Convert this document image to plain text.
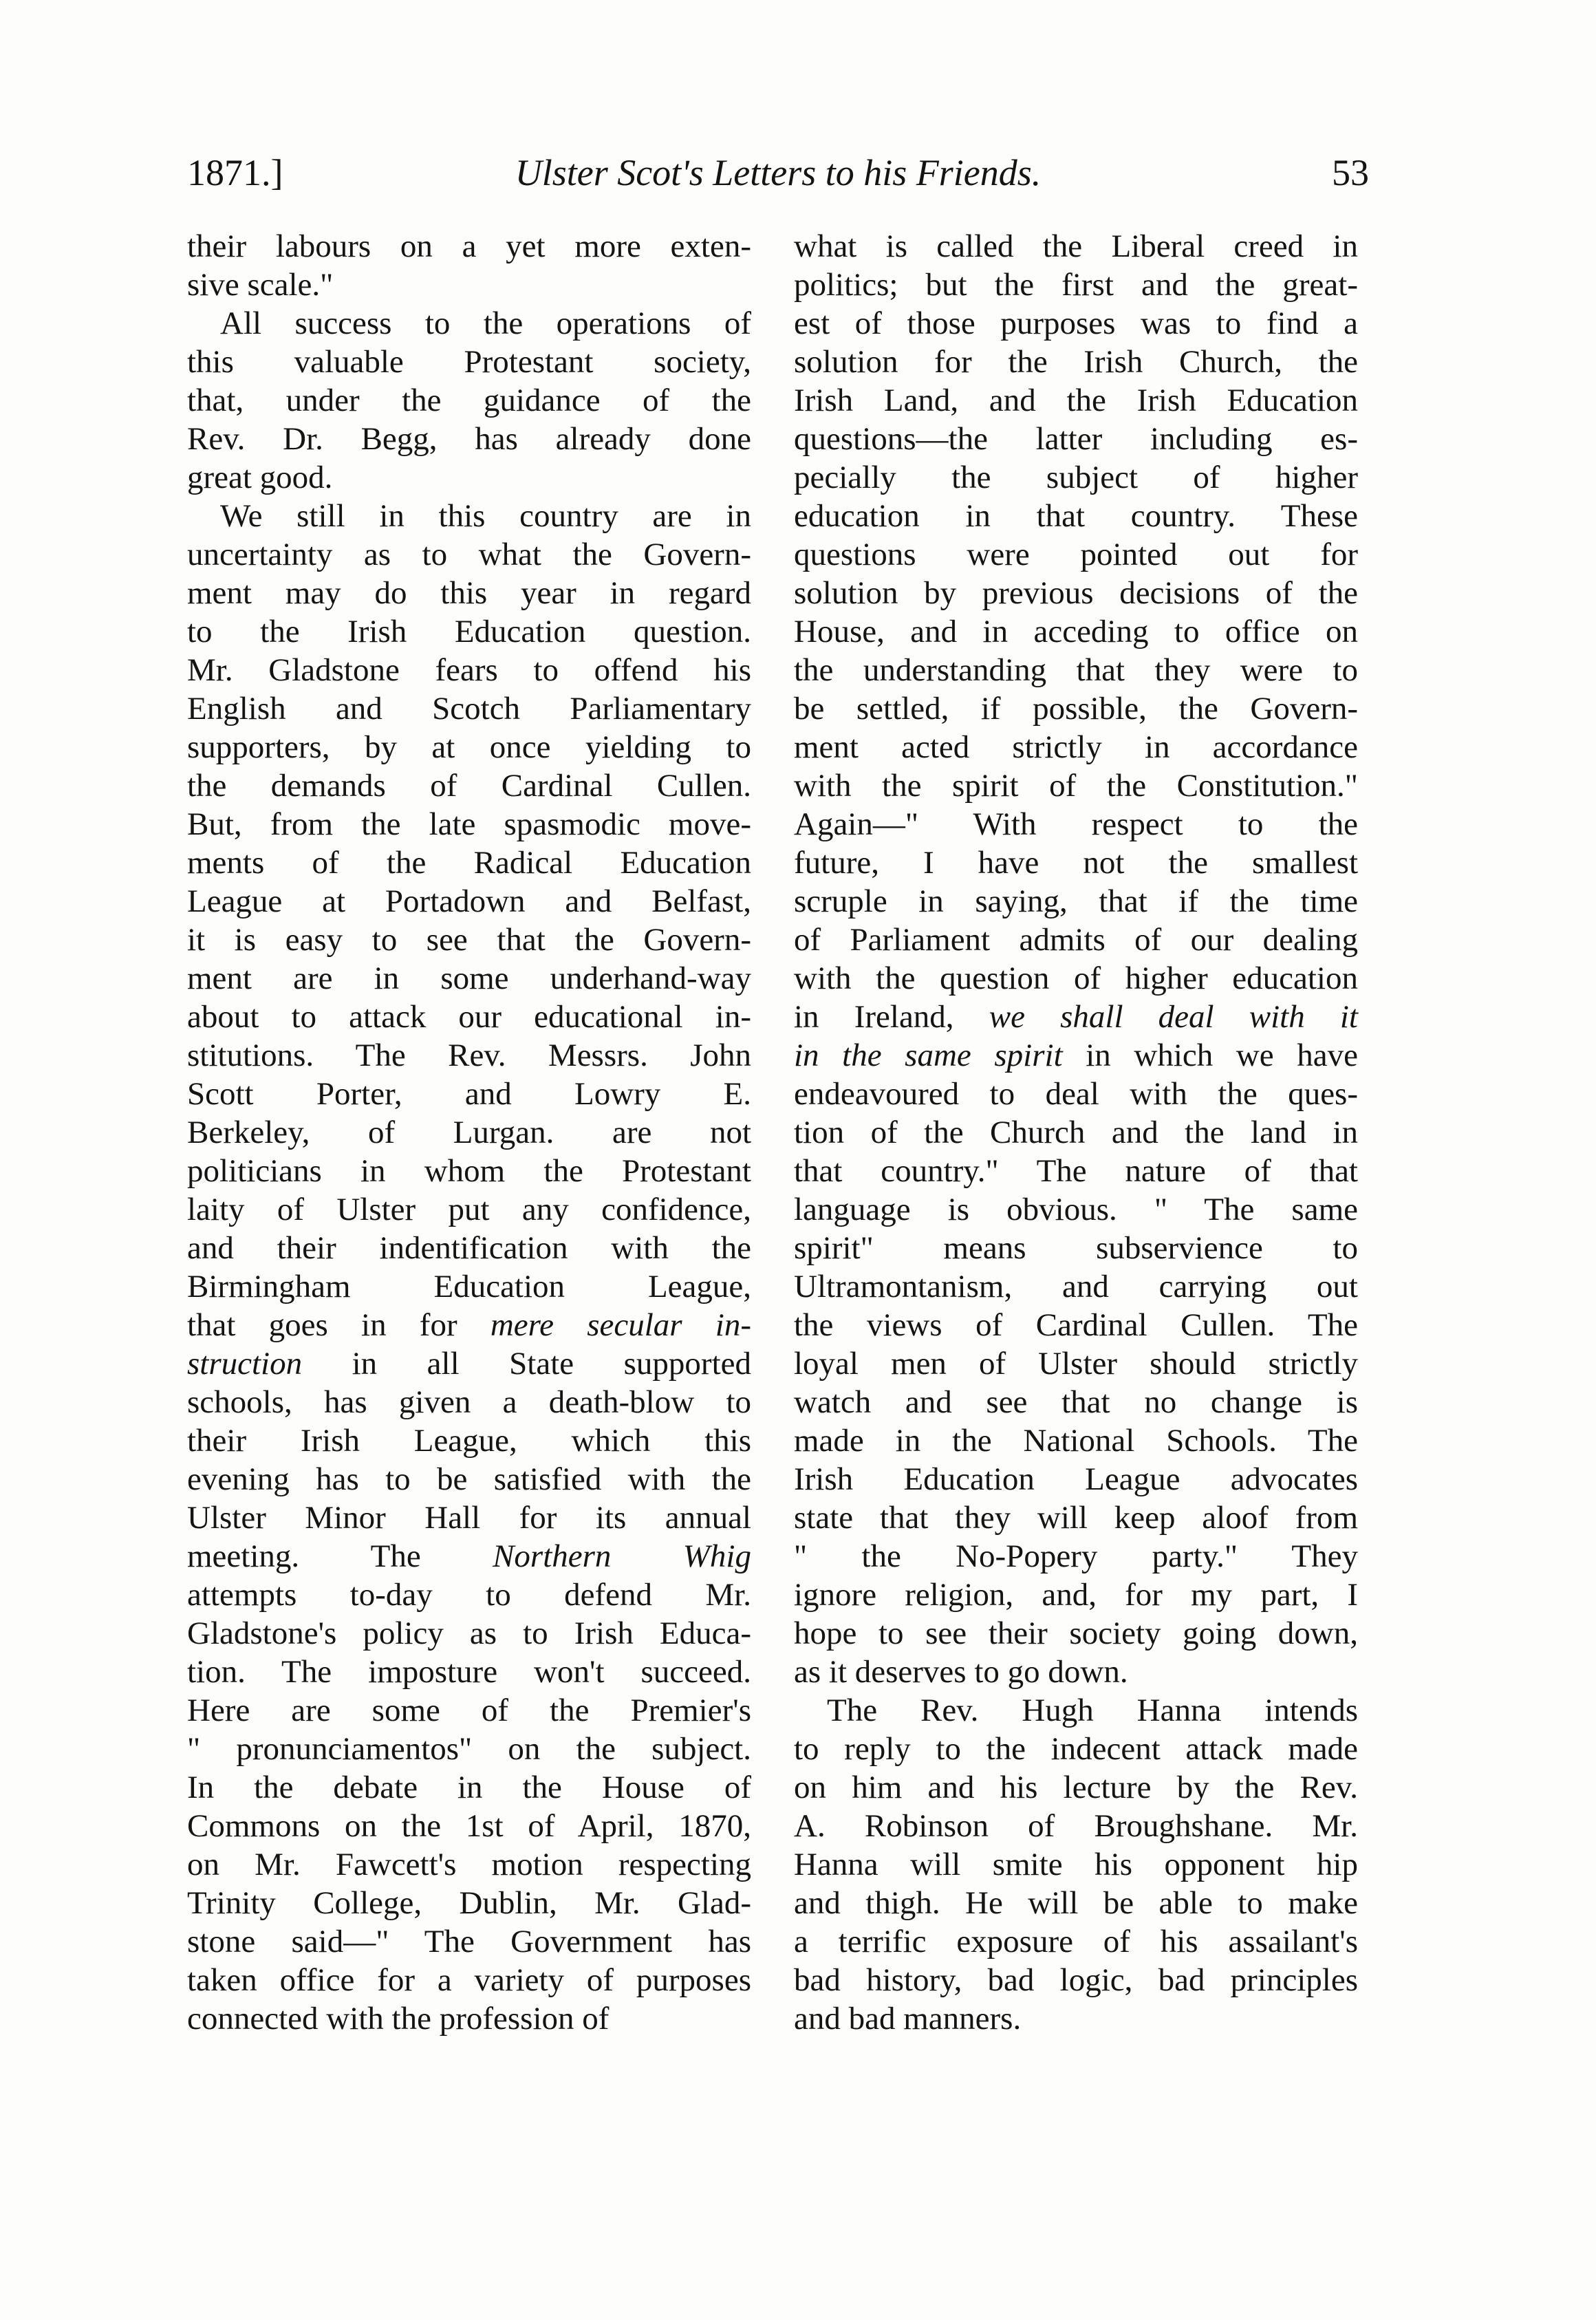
1871.]	Ulster Scot's Letters to his Friends.	53
their labours on a yet more exten-
sive scale."
All success to the operations of
this valuable Protestant society,
that, under the guidance of the
Rev. Dr. Begg, has already done
great good.
We still in this country are in
uncertainty as to what the Govern-
ment may do this year in regard
to the Irish Education question.
Mr. Gladstone fears to offend his
English and Scotch Parliamentary
supporters, by at once yielding to
the demands of Cardinal Cullen.
But, from the late spasmodic move-
ments of the Radical Education
League at Portadown and Belfast,
it is easy to see that the Govern-
ment are in some underhand-way
about to attack our educational in-
stitutions. The Rev. Messrs. John
Scott Porter, and Lowry E.
Berkeley, of Lurgan. are not
politicians in whom the Protestant
laity of Ulster put any confidence,
and their indentification with the
Birmingham Education League,
that goes in for mere secular in-
struction in all State supported
schools, has given a death-blow to
their Irish League, which this
evening has to be satisfied with the
Ulster Minor Hall for its annual
meeting. The Northern Whig
attempts to-day to defend Mr.
Gladstone's policy as to Irish Educa-
tion. The imposture won't succeed.
Here are some of the Premier's
" pronunciamentos" on the subject.
In the debate in the House of
Commons on the 1st of April, 1870,
on Mr. Fawcett's motion respecting
Trinity College, Dublin, Mr. Glad-
stone said—" The Government has
taken office for a variety of purposes
connected with the profession of
what is called the Liberal creed in
politics; but the first and the great-
est of those purposes was to find a
solution for the Irish Church, the
Irish Land, and the Irish Education
questions—the latter including es-
pecially the subject of higher
education in that country. These
questions were pointed out for
solution by previous decisions of the
House, and in acceding to office on
the understanding that they were to
be settled, if possible, the Govern-
ment acted strictly in accordance
with the spirit of the Constitution."
Again—" With respect to the
future, I have not the smallest
scruple in saying, that if the time
of Parliament admits of our dealing
with the question of higher education
in Ireland, we shall deal with it
in the same spirit in which we have
endeavoured to deal with the ques-
tion of the Church and the land in
that country." The nature of that
language is obvious. " The same
spirit" means subservience to
Ultramontanism, and carrying out
the views of Cardinal Cullen. The
loyal men of Ulster should strictly
watch and see that no change is
made in the National Schools. The
Irish Education League advocates
state that they will keep aloof from
" the No-Popery party." They
ignore religion, and, for my part, I
hope to see their society going down,
as it deserves to go down.
The Rev. Hugh Hanna intends
to reply to the indecent attack made
on him and his lecture by the Rev.
A. Robinson of Broughshane. Mr.
Hanna will smite his opponent hip
and thigh. He will be able to make
a terrific exposure of his assailant's
bad history, bad logic, bad principles
and bad manners.
